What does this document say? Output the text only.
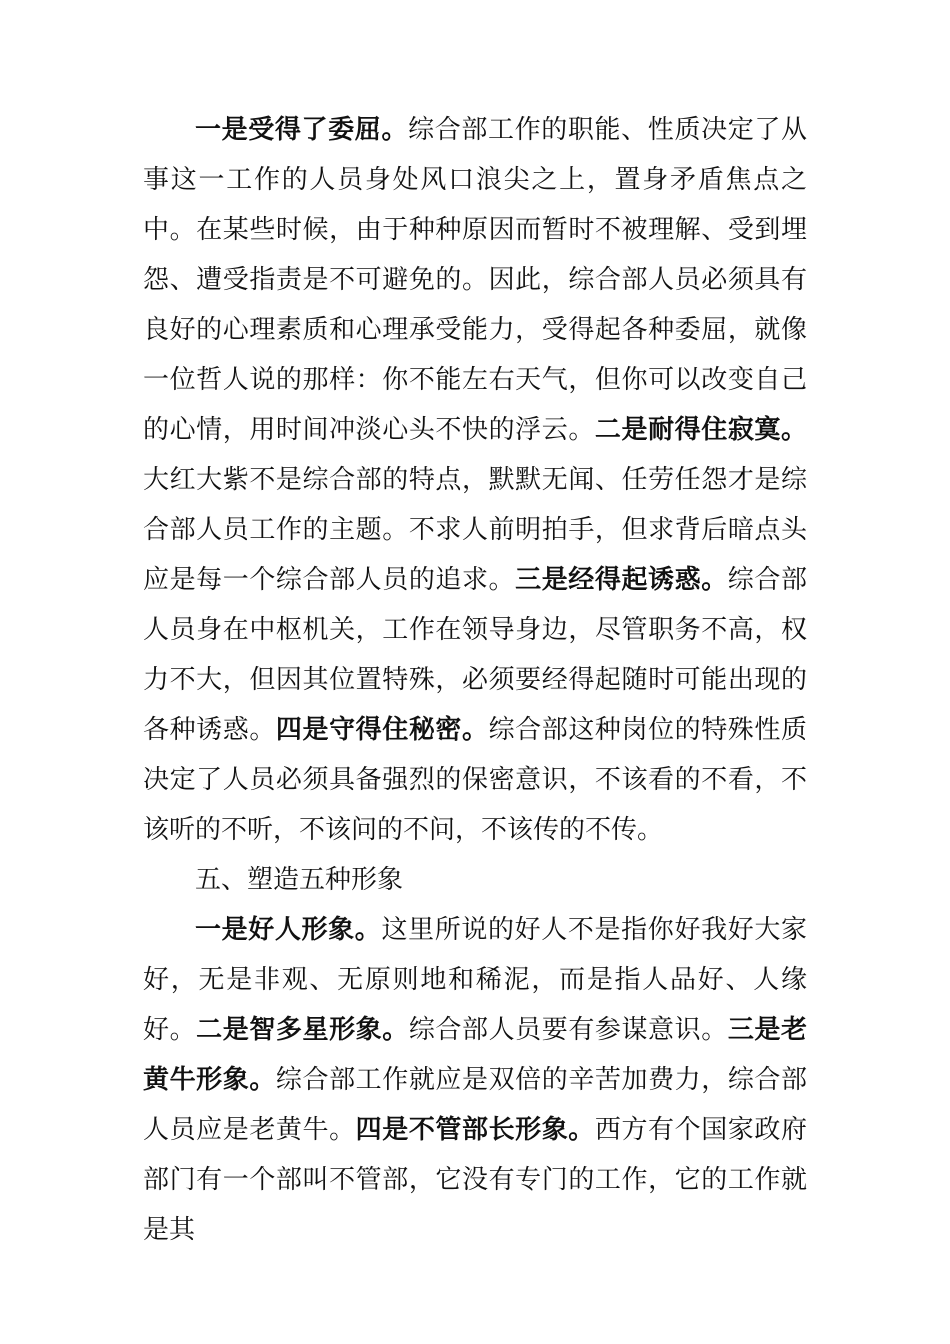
一是受得了委屈。综合部工作的职能、性质决定了从事这一工作的人员身处风口浪尖之上，置身矛盾焦点之中。在某些时候，由于种种原因而暂时不被理解、受到埋怨、遭受指责是不可避免的。因此，综合部人员必须具有良好的心理素质和心理承受能力，受得起各种委屈，就像一位哲人说的那样：你不能左右天气，但你可以改变自己的心情，用时间冲淡心头不快的浮云。二是耐得住寂寞。大红大紫不是综合部的特点，默默无闻、任劳任怨才是综合部人员工作的主题。不求人前明拍手，但求背后暗点头应是每一个综合部人员的追求。三是经得起诱惑。综合部人员身在中枢机关，工作在领导身边，尽管职务不高，权力不大，但因其位置特殊，必须要经得起随时可能出现的各种诱惑。四是守得住秘密。综合部这种岗位的特殊性质决定了人员必须具备强烈的保密意识，不该看的不看，不该听的不听，不该问的不问，不该传的不传。

五、塑造五种形象

一是好人形象。这里所说的好人不是指你好我好大家好，无是非观、无原则地和稀泥，而是指人品好、人缘好。二是智多星形象。综合部人员要有参谋意识。三是老黄牛形象。综合部工作就应是双倍的辛苦加费力，综合部人员应是老黄牛。四是不管部长形象。西方有个国家政府部门有一个部叫不管部，它没有专门的工作，它的工作就是其
